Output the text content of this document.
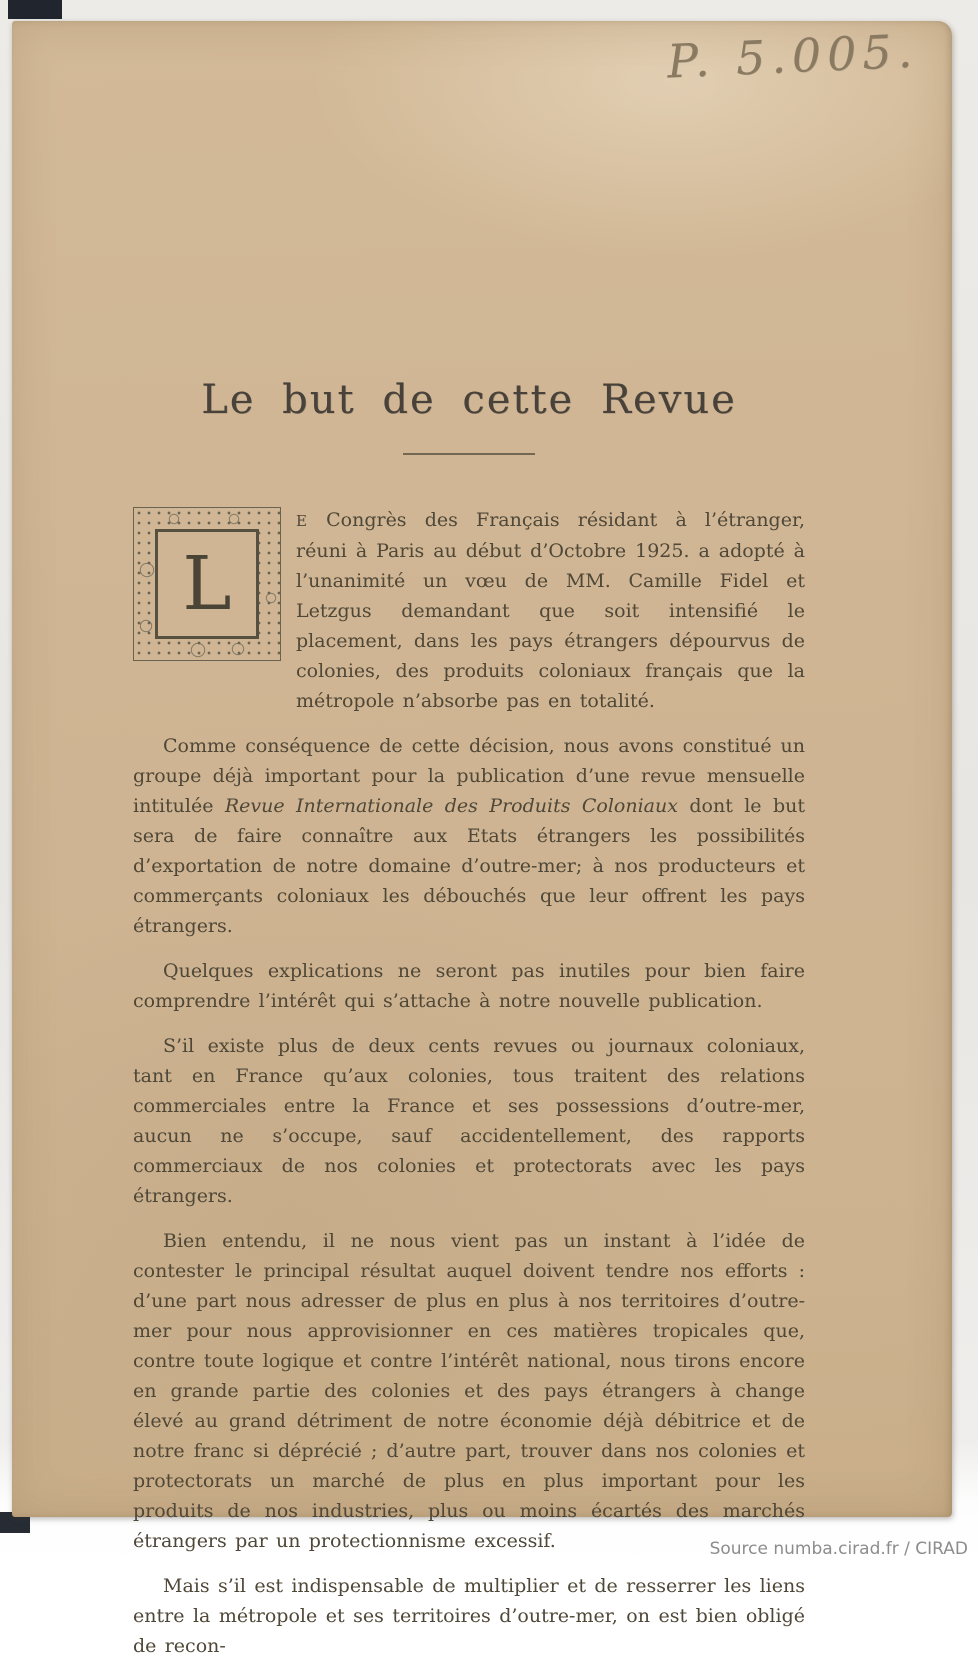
P. 5.005.
Le but de cette Revue
L

E Congrès des Français résidant à l’étranger, réuni à Paris au début d’Octobre 1925. a adopté à l’unanimité un vœu de MM. Camille Fidel et Letzgus demandant que soit intensifié le placement, dans les pays étrangers dépourvus de colonies, des produits coloniaux français que la métropole n’absorbe pas en totalité.

Comme conséquence de cette décision, nous avons constitué un groupe déjà important pour la publication d’une revue mensuelle intitulée Revue Internationale des Produits Coloniaux dont le but sera de faire connaître aux Etats étrangers les possibilités d’exportation de notre domaine d’outre-mer; à nos producteurs et commerçants coloniaux les débouchés que leur offrent les pays étrangers.

Quelques explications ne seront pas inutiles pour bien faire comprendre l’intérêt qui s’attache à notre nouvelle publication.

S’il existe plus de deux cents revues ou journaux coloniaux, tant en France qu’aux colonies, tous traitent des relations commerciales entre la France et ses possessions d’outre-mer, aucun ne s’occupe, sauf accidentellement, des rapports commerciaux de nos colonies et protectorats avec les pays étrangers.

Bien entendu, il ne nous vient pas un instant à l’idée de contester le principal résultat auquel doivent tendre nos efforts : d’une part nous adresser de plus en plus à nos territoires d’outre-mer pour nous approvisionner en ces matières tropicales que, contre toute logique et contre l’intérêt national, nous tirons encore en grande partie des colonies et des pays étrangers à change élevé au grand détriment de notre économie déjà débitrice et de notre franc si déprécié ; d’autre part, trouver dans nos colonies et protectorats un marché de plus en plus important pour les produits de nos industries, plus ou moins écartés des marchés étrangers par un protectionnisme excessif.

Mais s’il est indispensable de multiplier et de resserrer les liens entre la métropole et ses territoires d’outre-mer, on est bien obligé de recon-

Source numba.cirad.fr / CIRAD
